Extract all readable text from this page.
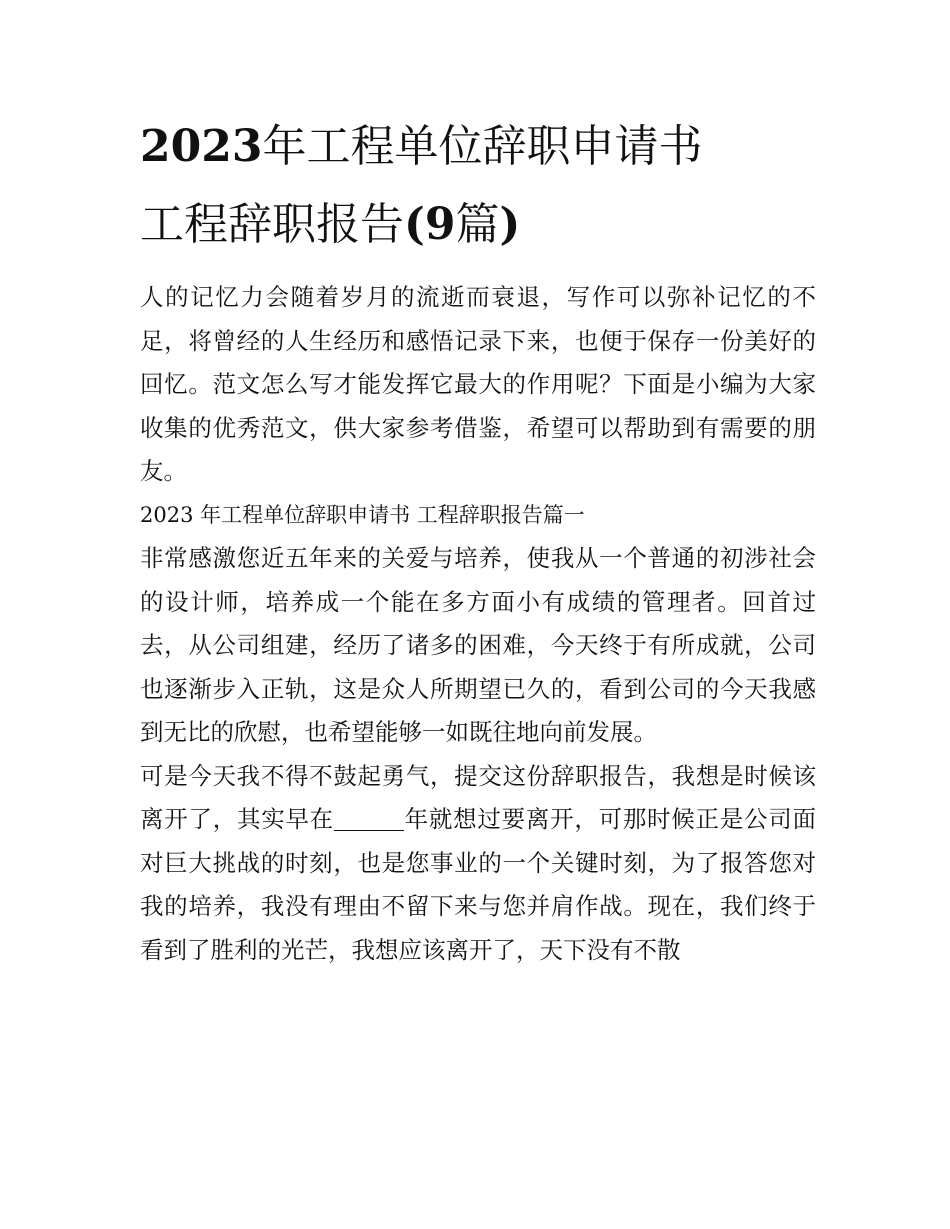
2023年工程单位辞职申请书
工程辞职报告(9篇)

人的记忆力会随着岁月的流逝而衰退，写作可以弥补记忆的不足，将曾经的人生经历和感悟记录下来，也便于保存一份美好的回忆。范文怎么写才能发挥它最大的作用呢？下面是小编为大家收集的优秀范文，供大家参考借鉴，希望可以帮助到有需要的朋友。

2023 年工程单位辞职申请书 工程辞职报告篇一

非常感激您近五年来的关爱与培养，使我从一个普通的初涉社会的设计师，培养成一个能在多方面小有成绩的管理者。回首过去，从公司组建，经历了诸多的困难，今天终于有所成就，公司也逐渐步入正轨，这是众人所期望已久的，看到公司的今天我感到无比的欣慰，也希望能够一如既往地向前发展。

可是今天我不得不鼓起勇气，提交这份辞职报告，我想是时候该离开了，其实早在	年就想过要离开，可那时候正是公司面对巨大挑战的时刻，也是您事业的一个关键时刻，为了报答您对我的培养，我没有理由不留下来与您并肩作战。现在，我们终于看到了胜利的光芒，我想应该离开了，天下没有不散
